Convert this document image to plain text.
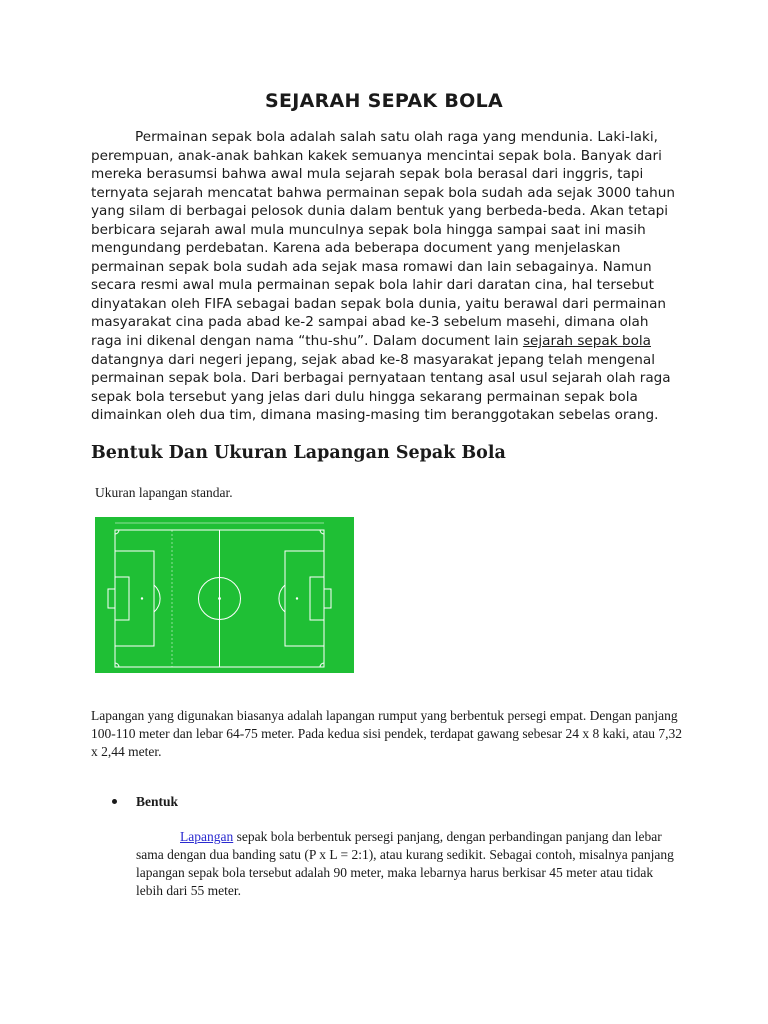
SEJARAH SEPAK BOLA

Permainan sepak bola adalah salah satu olah raga yang mendunia. Laki-laki, perempuan, anak-anak bahkan kakek semuanya mencintai sepak bola. Banyak dari mereka berasumsi bahwa awal mula sejarah sepak bola berasal dari inggris, tapi ternyata sejarah mencatat bahwa permainan sepak bola sudah ada sejak 3000 tahun yang silam di berbagai pelosok dunia dalam bentuk yang berbeda-beda. Akan tetapi berbicara sejarah awal mula munculnya sepak bola hingga sampai saat ini masih mengundang perdebatan. Karena ada beberapa document yang menjelaskan permainan sepak bola sudah ada sejak masa romawi dan lain sebagainya. Namun secara resmi awal mula permainan sepak bola lahir dari daratan cina, hal tersebut dinyatakan oleh FIFA sebagai badan sepak bola dunia, yaitu berawal dari permainan masyarakat cina pada abad ke-2 sampai abad ke-3 sebelum masehi, dimana olah raga ini dikenal dengan nama “thu-shu”. Dalam document lain sejarah sepak bola datangnya dari negeri jepang, sejak abad ke-8 masyarakat jepang telah mengenal permainan sepak bola. Dari berbagai pernyataan tentang asal usul sejarah olah raga sepak bola tersebut yang jelas dari dulu hingga sekarang permainan sepak bola dimainkan oleh dua tim, dimana masing-masing tim beranggotakan sebelas orang.

Bentuk Dan Ukuran Lapangan Sepak Bola
Ukuran lapangan standar.

Lapangan yang digunakan biasanya adalah lapangan rumput yang berbentuk persegi empat. Dengan panjang 100-110 meter dan lebar 64-75 meter. Pada kedua sisi pendek, terdapat gawang sebesar 24 x 8 kaki, atau 7,32 x 2,44 meter.

Bentuk

Lapangan sepak bola berbentuk persegi panjang, dengan perbandingan panjang dan lebar sama dengan dua banding satu (P x L = 2:1), atau kurang sedikit. Sebagai contoh, misalnya panjang lapangan sepak bola tersebut adalah 90 meter, maka lebarnya harus berkisar 45 meter atau tidak lebih dari 55 meter.
